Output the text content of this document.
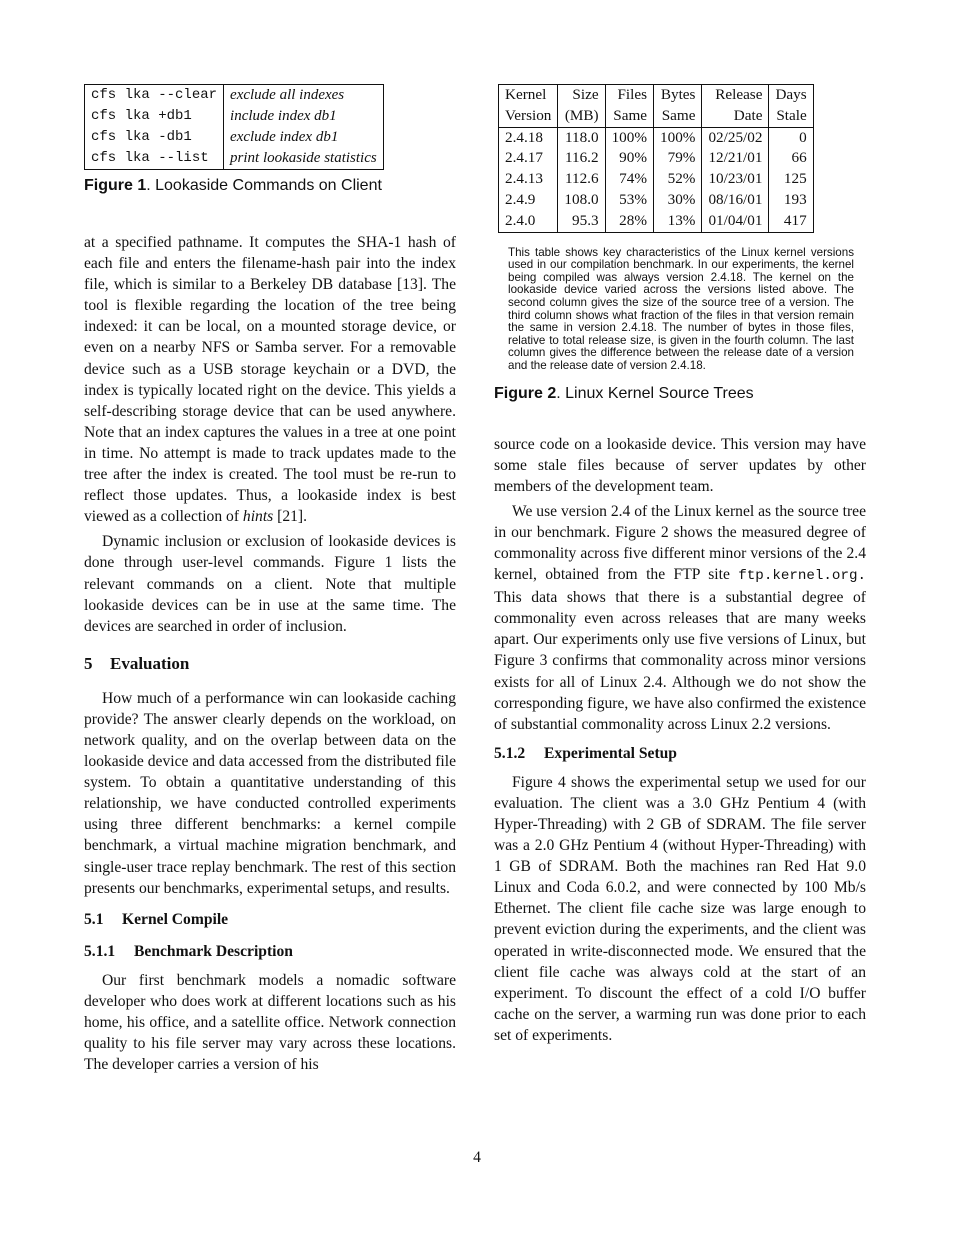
cfs lka --clear	exclude all indexes
cfs lka +db1	include index db1
cfs lka -db1	exclude index db1
cfs lka --list	print lookaside statistics
Figure 1. Lookaside Commands on Client

at a specified pathname. It computes the SHA-1 hash of each file and enters the filename-hash pair into the index file, which is similar to a Berkeley DB database [13]. The tool is flexible regarding the location of the tree being indexed: it can be local, on a mounted storage device, or even on a nearby NFS or Samba server. For a removable device such as a USB storage keychain or a DVD, the index is typically located right on the device. This yields a self-describing storage device that can be used anywhere. Note that an index captures the values in a tree at one point in time. No attempt is made to track updates made to the tree after the index is created. The tool must be re-run to reflect those updates. Thus, a lookaside index is best viewed as a collection of hints [21].

Dynamic inclusion or exclusion of lookaside devices is done through user-level commands. Figure 1 lists the relevant commands on a client. Note that multiple lookaside devices can be in use at the same time. The devices are searched in order of inclusion.

5 Evaluation

How much of a performance win can lookaside caching provide? The answer clearly depends on the workload, on network quality, and on the overlap between data on the lookaside device and data accessed from the distributed file system. To obtain a quantitative understanding of this relationship, we have conducted controlled experiments using three different benchmarks: a kernel compile benchmark, a virtual machine migration benchmark, and single-user trace replay benchmark. The rest of this section presents our benchmarks, experimental setups, and results.

5.1 Kernel Compile
5.1.1 Benchmark Description

Our first benchmark models a nomadic software developer who does work at different locations such as his home, his office, and a satellite office. Network connection quality to his file server may vary across these locations. The developer carries a version of his

Kernel	Size	Files	Bytes	Release	Days
Version	(MB)	Same	Same	Date	Stale
2.4.18	118.0	100%	100%	02/25/02	0
2.4.17	116.2	90%	79%	12/21/01	66
2.4.13	112.6	74%	52%	10/23/01	125
2.4.9	108.0	53%	30%	08/16/01	193
2.4.0	95.3	28%	13%	01/04/01	417

This table shows key characteristics of the Linux kernel versions used in our compilation benchmark. In our experiments, the kernel being compiled was always version 2.4.18. The kernel on the lookaside device varied across the versions listed above. The second column gives the size of the source tree of a version. The third column shows what fraction of the files in that version remain the same in version 2.4.18. The number of bytes in those files, relative to total release size, is given in the fourth column. The last column gives the difference between the release date of a version and the release date of version 2.4.18.

Figure 2. Linux Kernel Source Trees

source code on a lookaside device. This version may have some stale files because of server updates by other members of the development team.

We use version 2.4 of the Linux kernel as the source tree in our benchmark. Figure 2 shows the measured degree of commonality across five different minor versions of the 2.4 kernel, obtained from the FTP site ftp.kernel.org. This data shows that there is a substantial degree of commonality even across releases that are many weeks apart. Our experiments only use five versions of Linux, but Figure 3 confirms that commonality across minor versions exists for all of Linux 2.4. Although we do not show the corresponding figure, we have also confirmed the existence of substantial commonality across Linux 2.2 versions.

5.1.2 Experimental Setup

Figure 4 shows the experimental setup we used for our evaluation. The client was a 3.0 GHz Pentium 4 (with Hyper-Threading) with 2 GB of SDRAM. The file server was a 2.0 GHz Pentium 4 (without Hyper-Threading) with 1 GB of SDRAM. Both the machines ran Red Hat 9.0 Linux and Coda 6.0.2, and were connected by 100 Mb/s Ethernet. The client file cache size was large enough to prevent eviction during the experiments, and the client was operated in write-disconnected mode. We ensured that the client file cache was always cold at the start of an experiment. To discount the effect of a cold I/O buffer cache on the server, a warming run was done prior to each set of experiments.

4
